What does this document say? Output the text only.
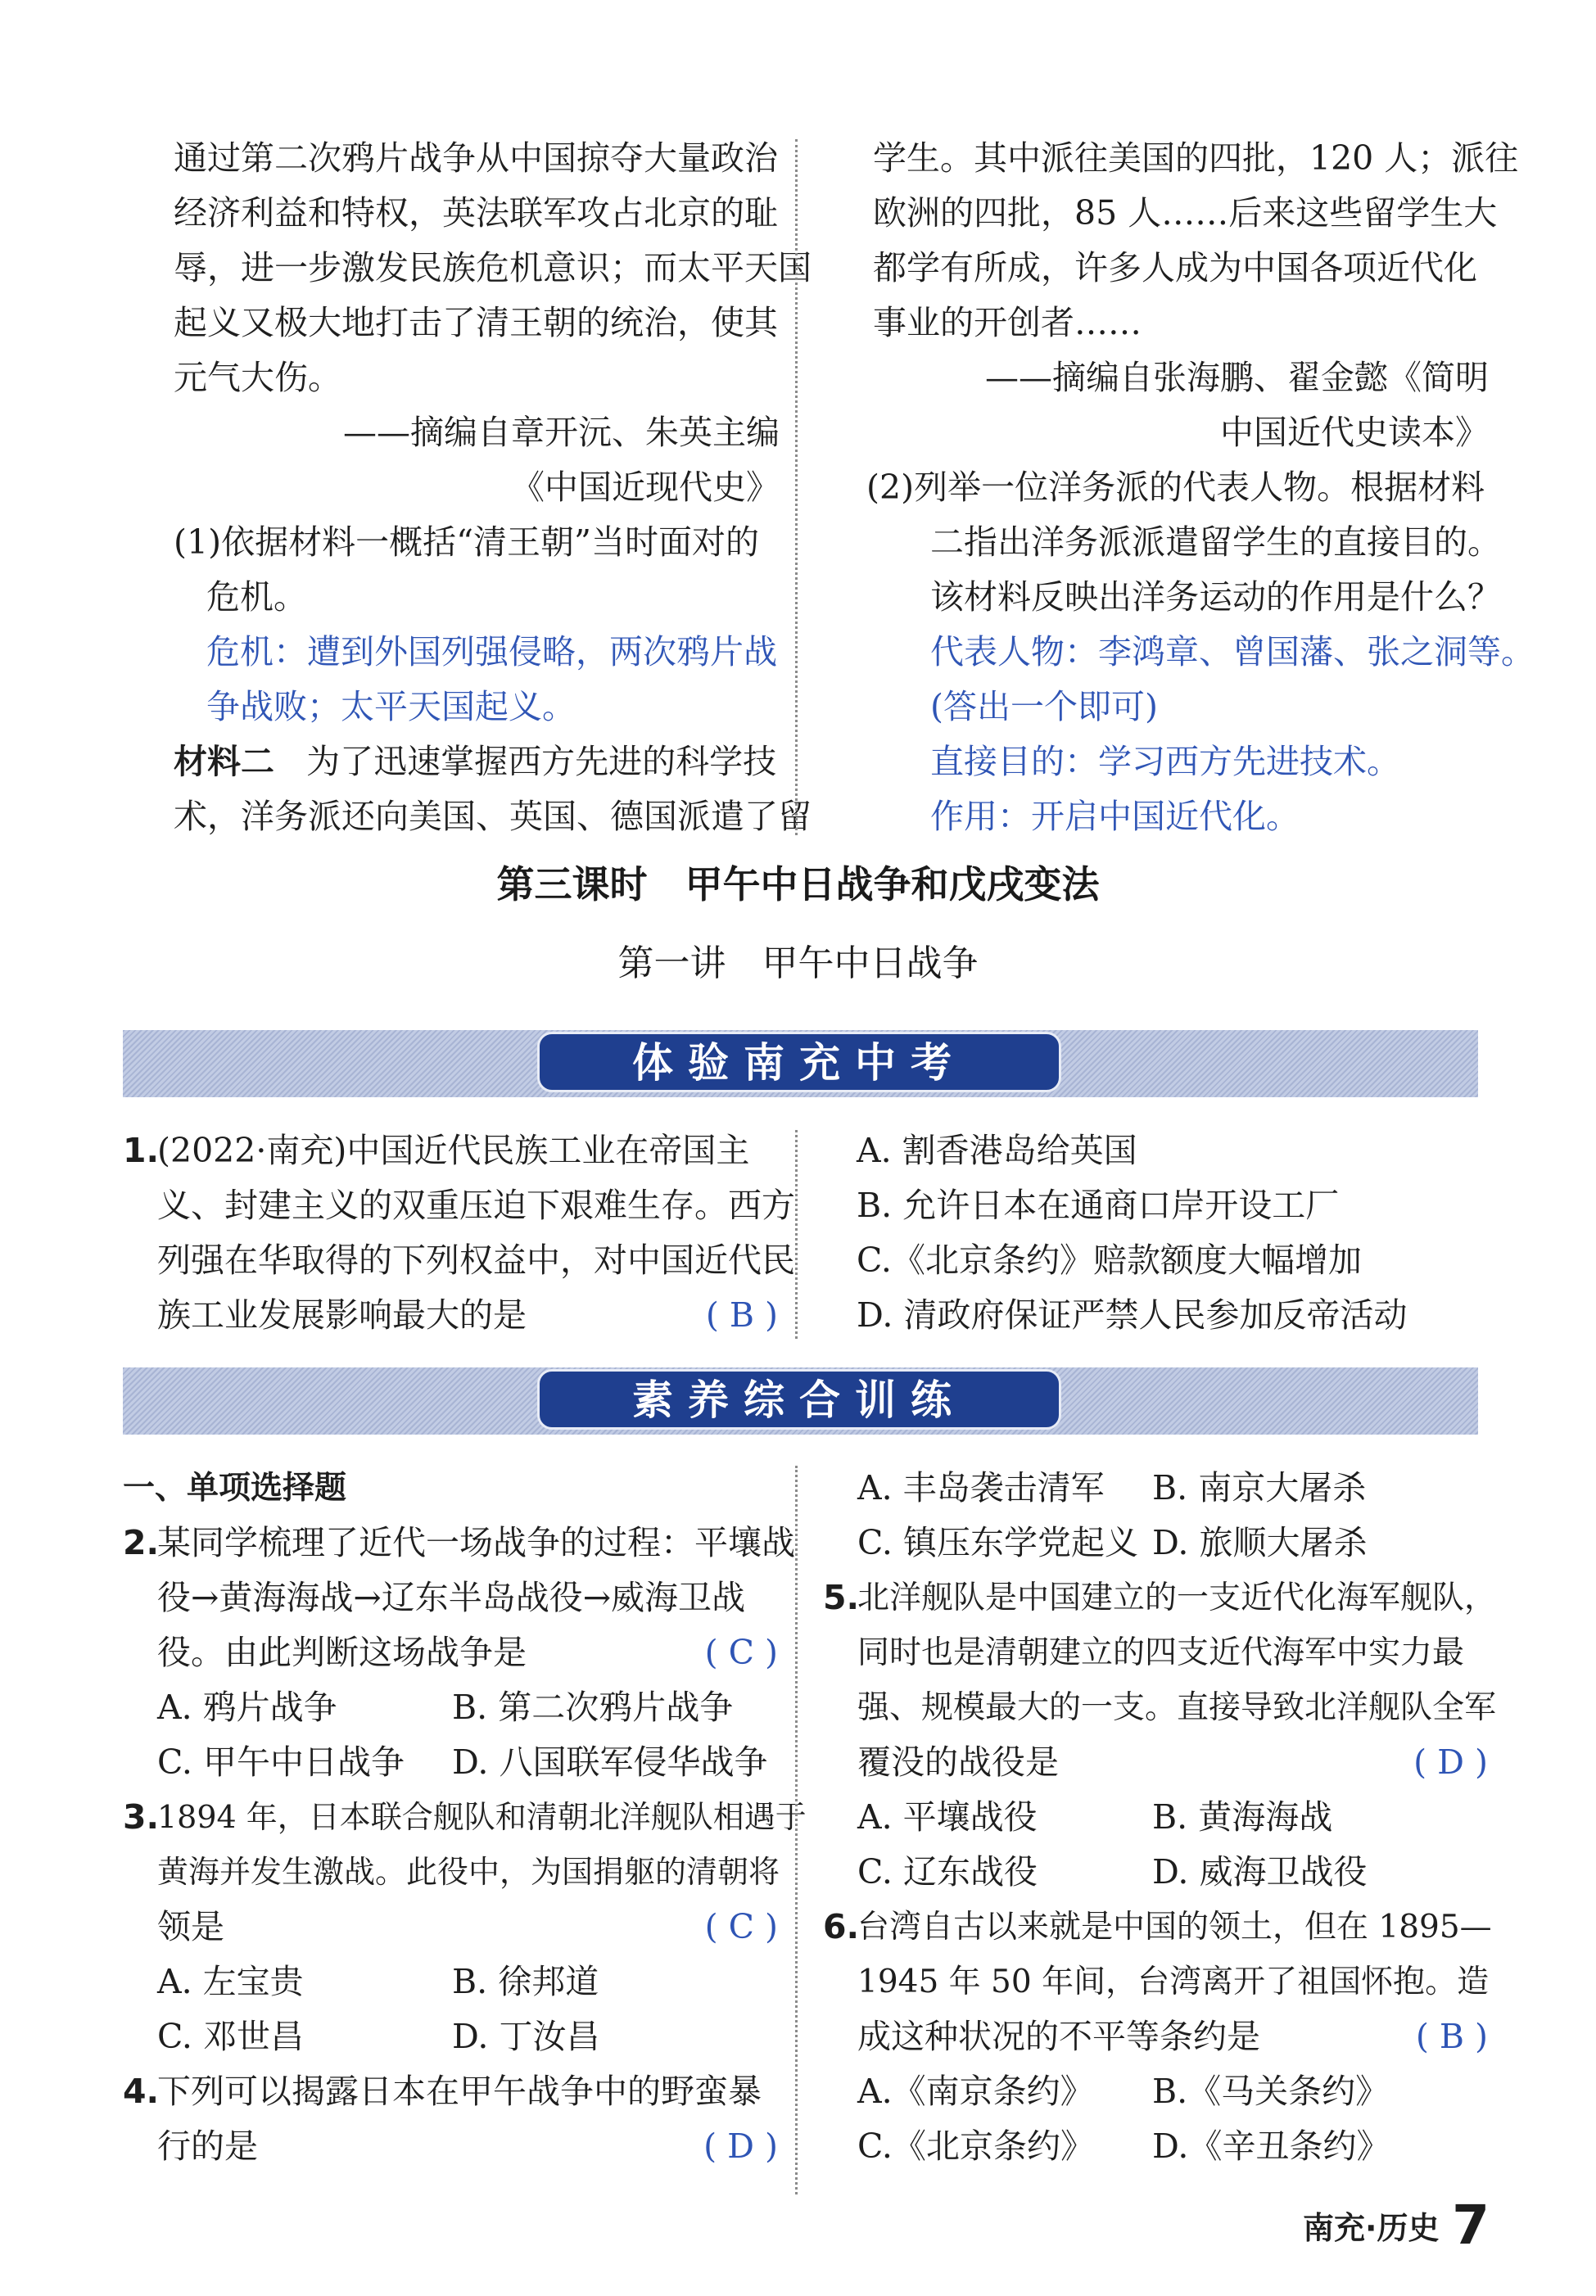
通过第二次鸦片战争从中国掠夺大量政治
经济利益和特权，英法联军攻占北京的耻
辱，进一步激发民族危机意识；而太平天国
起义又极大地打击了清王朝的统治，使其
元气大伤。
——摘编自章开沅、朱英主编
《中国近现代史》
(1)依据材料一概括“清王朝”当时面对的
危机。
危机：遭到外国列强侵略，两次鸦片战
争战败；太平天国起义。
材料二 为了迅速掌握西方先进的科学技
术，洋务派还向美国、英国、德国派遣了留
学生。其中派往美国的四批，120 人；派往
欧洲的四批，85 人……后来这些留学生大
都学有所成，许多人成为中国各项近代化
事业的开创者……
——摘编自张海鹏、翟金懿《简明
中国近代史读本》
(2)列举一位洋务派的代表人物。根据材料
二指出洋务派派遣留学生的直接目的。
该材料反映出洋务运动的作用是什么？
代表人物：李鸿章、曾国藩、张之洞等。
(答出一个即可)
直接目的：学习西方先进技术。
作用：开启中国近代化。
第三课时　甲午中日战争和戊戌变法
第一讲　甲午中日战争
体验南充中考
1.
(2022·南充)中国近代民族工业在帝国主
义、封建主义的双重压迫下艰难生存。西方
列强在华取得的下列权益中，对中国近代民
族工业发展影响最大的是	( B )
A. 割香港岛给英国
B. 允许日本在通商口岸开设工厂
C.《北京条约》赔款额度大幅增加
D. 清政府保证严禁人民参加反帝活动
素养综合训练
一、单项选择题
2.
某同学梳理了近代一场战争的过程：平壤战
役→黄海海战→辽东半岛战役→威海卫战
役。由此判断这场战争是	( C )
A. 鸦片战争	B. 第二次鸦片战争
C. 甲午中日战争 D. 八国联军侵华战争
3.
1894 年，日本联合舰队和清朝北洋舰队相遇于
黄海并发生激战。此役中，为国捐躯的清朝将
领是	( C )
A. 左宝贵	B. 徐邦道
C. 邓世昌	D. 丁汝昌
4.
下列可以揭露日本在甲午战争中的野蛮暴
行的是	( D )
A. 丰岛袭击清军 B. 南京大屠杀
C. 镇压东学党起义 D. 旅顺大屠杀
5.
北洋舰队是中国建立的一支近代化海军舰队，
同时也是清朝建立的四支近代海军中实力最
强、规模最大的一支。直接导致北洋舰队全军
覆没的战役是	( D )
A. 平壤战役	B. 黄海海战
C. 辽东战役	D. 威海卫战役
6.
台湾自古以来就是中国的领土，但在 1895—
1945 年 50 年间，台湾离开了祖国怀抱。造
成这种状况的不平等条约是	( B )
A.《南京条约》 B.《马关条约》
C.《北京条约》 D.《辛丑条约》
南充·历史 7
